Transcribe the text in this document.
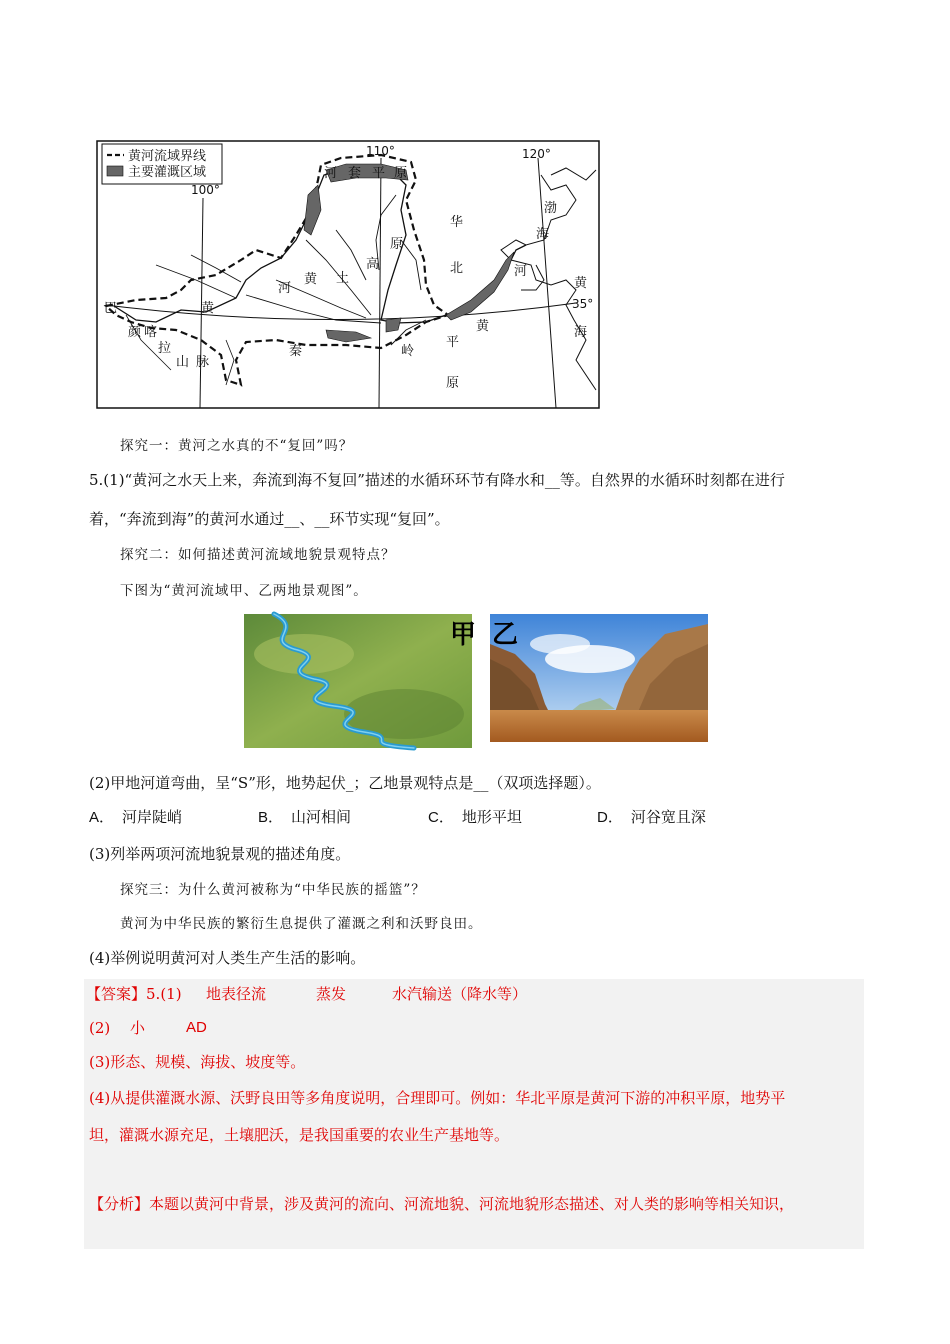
黄河流域界线
主要灌溉区域
100°
110°	120°
35°
河 套 平 原
黄
河
黄 土
高
原
华
北
渤
海
河
黄
海
黄
平
原
秦	岭
巴
颜 喀
拉
山 脉
探究一：黄河之水真的不“复回”吗？
5.(1)“黄河之水天上来，奔流到海不复回”描述的水循环环节有降水和__等。自然界的水循环时刻都在进行
着，“奔流到海”的黄河水通过__、__环节实现“复回”。
探究二：如何描述黄河流域地貌景观特点？
下图为“黄河流域甲、乙两地景观图”。
甲 乙
(2)甲地河道弯曲，呈“S”形，地势起伏_；乙地景观特点是__（双项选择题）。
A． 河岸陡峭	B． 山河相间	C． 地形平坦	D． 河谷宽且深
(3)列举两项河流地貌景观的描述角度。
探究三：为什么黄河被称为“中华民族的摇篮”？
黄河为中华民族的繁衍生息提供了灌溉之利和沃野良田。
(4)举例说明黄河对人类生产生活的影响。
【答案】5.(1) 地表径流	蒸发	水汽输送（降水等）
(2) 小	AD
(3)形态、规模、海拔、坡度等。
(4)从提供灌溉水源、沃野良田等多角度说明，合理即可。例如：华北平原是黄河下游的冲积平原，地势平
坦，灌溉水源充足，土壤肥沃，是我国重要的农业生产基地等。
【分析】本题以黄河中背景，涉及黄河的流向、河流地貌、河流地貌形态描述、对人类的影响等相关知识，
